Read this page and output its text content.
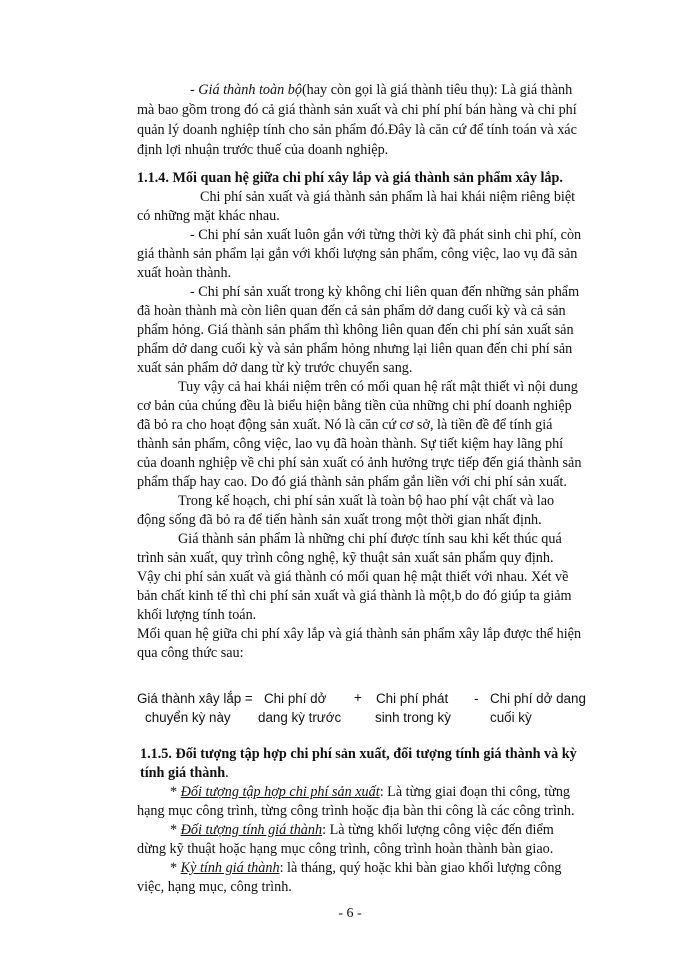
- Giá thành toàn bộ(hay còn gọi là giá thành tiêu thụ): Là giá thành

mà bao gồm trong đó cả giá thành sản xuất và chi phí phí bán hàng và chi phí

quản lý doanh nghiệp tính cho sản phẩm đó.Đây là căn cứ để tính toán và xác

định lợi nhuận trước thuế của doanh nghiệp.

1.1.4. Mối quan hệ giữa chi phí xây lắp và giá thành sản phẩm xây lắp.

Chi phí sản xuất và giá thành sản phẩm là hai khái niệm riêng biệt

có những mặt khác nhau.

- Chi phí sản xuất luôn gắn với từng thời kỳ đã phát sinh chi phí, còn

giá thành sản phẩm lại gắn với khối lượng sản phẩm, công việc, lao vụ đã sản

xuất hoàn thành.

- Chi phí sản xuất trong kỳ không chỉ liên quan đến những sản phẩm

đã hoàn thành mà còn liên quan đến cả sản phẩm dở dang cuối kỳ và cả sản

phẩm hỏng. Giá thành sản phẩm thì không liên quan đến chi phí sản xuất sản

phẩm dở dang cuối kỳ và sản phẩm hỏng nhưng lại liên quan đến chi phí sản

xuất sản phẩm dở dang từ kỳ trước chuyển sang.

Tuy vậy cả hai khái niệm trên có mối quan hệ rất mật thiết vì nội dung

cơ bản của chúng đều là biểu hiện bằng tiền của những chi phí doanh nghiệp

đã bỏ ra cho hoạt động sản xuất. Nó là căn cứ cơ sở, là tiền đề để tính giá

thành sản phẩm, công việc, lao vụ đã hoàn thành. Sự tiết kiệm hay lãng phí

của doanh nghiệp về chi phí sản xuất có ảnh hưởng trực tiếp đến giá thành sản

phẩm thấp hay cao. Do đó giá thành sản phẩm gắn liền với chi phí sản xuất.

Trong kế hoạch, chi phí sản xuất là toàn bộ hao phí vật chất và lao

động sống đã bỏ ra để tiến hành sản xuất trong một thời gian nhất định.

Giá thành sản phẩm là những chi phí được tính sau khi kết thúc quá

trình sản xuất, quy trình công nghệ, kỹ thuật sản xuất sản phẩm quy định.

Vậy chi phí sản xuất và giá thành có mối quan hệ mật thiết với nhau. Xét về

bản chất kinh tế thì chi phí sản xuất và giá thành là một,b do đó giúp ta giảm

khối lượng tính toán.

Mối quan hệ giữa chi phí xây lắp và giá thành sản phẩm xây lắp được thể hiện

qua công thức sau:

Giá thành xây lắp =
chuyển kỳ này
Chi phí dở
dang kỳ trước
+ Chi phí phát
sinh trong kỳ
- Chi phí dở dang
cuối kỳ

1.1.5. Đối tượng tập hợp chi phí sản xuất, đối tượng tính giá thành và kỳ

tính giá thành.

* Đối tượng tập hợp chi phí sản xuất: Là từng giai đoạn thi công, từng

hạng mục công trình, từng công trình hoặc địa bàn thi công là các công trình.

* Đối tượng tính giá thành: Là từng khối lượng công việc đến điểm

dừng kỹ thuật hoặc hạng mục công trình, công trình hoàn thành bàn giao.

* Kỳ tính giá thành: là tháng, quý hoặc khi bàn giao khối lượng công

việc, hạng mục, công trình.

- 6 -
